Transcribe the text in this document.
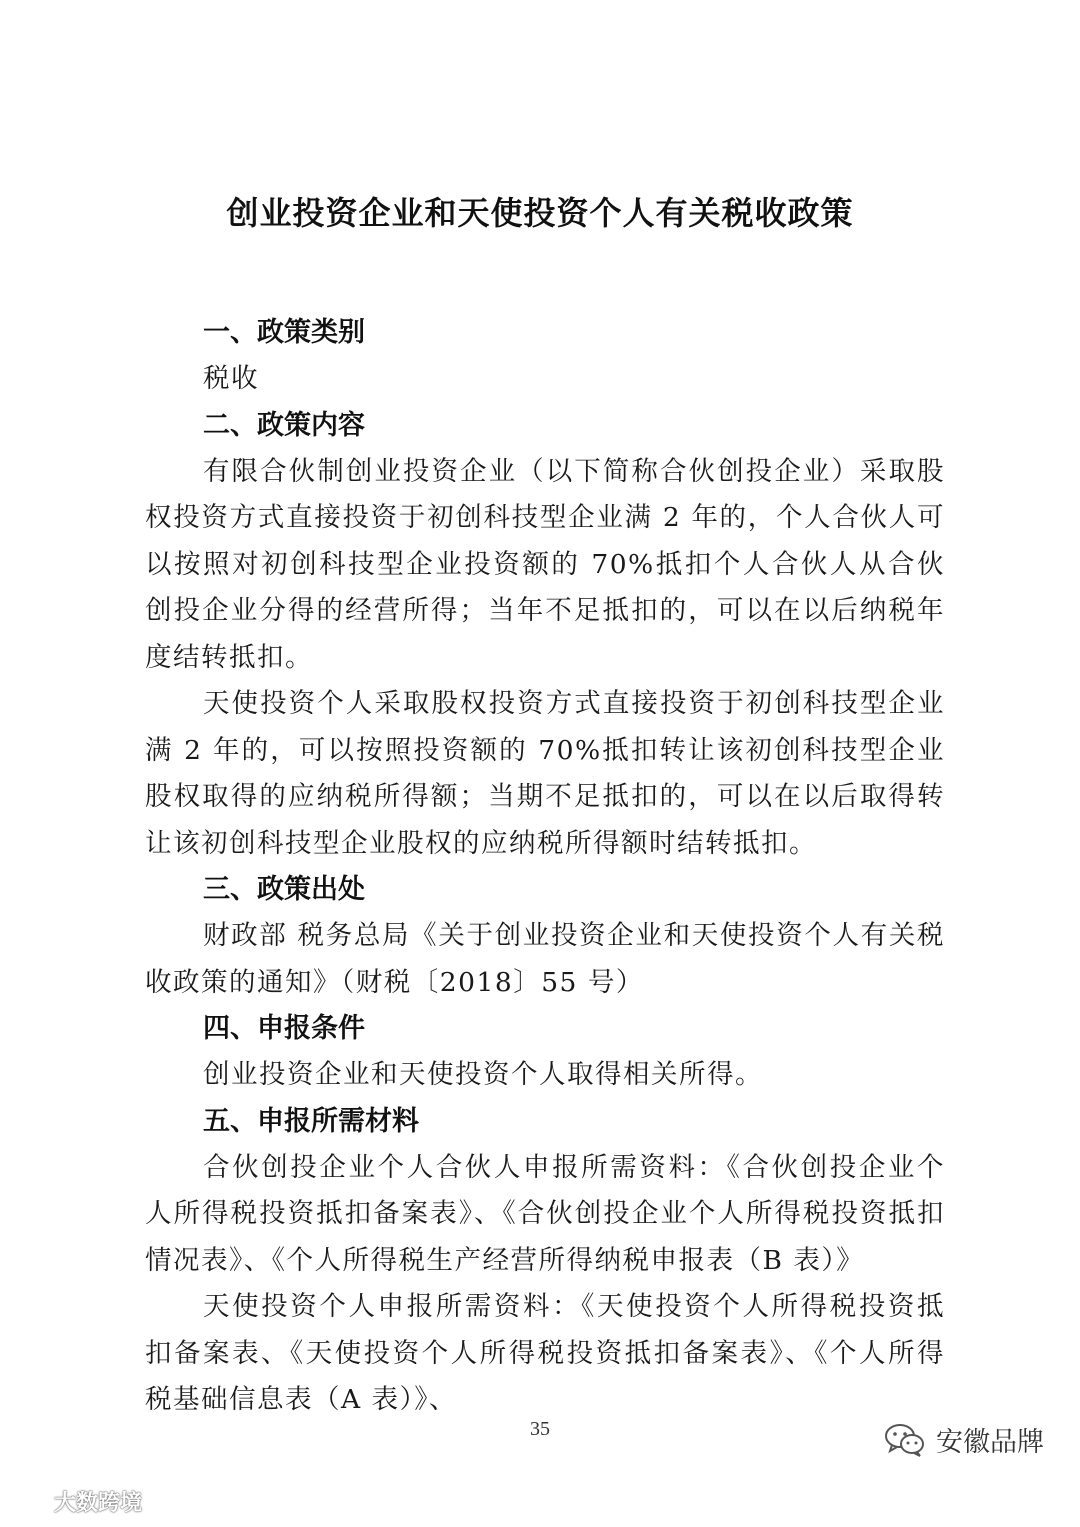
创业投资企业和天使投资个人有关税收政策

一、政策类别

税收

二、政策内容

有限合伙制创业投资企业（以下简称合伙创投企业）采取股权投资方式直接投资于初创科技型企业满 2 年的，个人合伙人可以按照对初创科技型企业投资额的 70%抵扣个人合伙人从合伙创投企业分得的经营所得；当年不足抵扣的，可以在以后纳税年度结转抵扣。

天使投资个人采取股权投资方式直接投资于初创科技型企业满 2 年的，可以按照投资额的 70%抵扣转让该初创科技型企业股权取得的应纳税所得额；当期不足抵扣的，可以在以后取得转让该初创科技型企业股权的应纳税所得额时结转抵扣。

三、政策出处

财政部 税务总局《关于创业投资企业和天使投资个人有关税收政策的通知》（财税〔2018〕55 号）

四、申报条件

创业投资企业和天使投资个人取得相关所得。

五、申报所需材料

合伙创投企业个人合伙人申报所需资料：《合伙创投企业个人所得税投资抵扣备案表》、《合伙创投企业个人所得税投资抵扣情况表》、《个人所得税生产经营所得纳税申报表（B 表）》

天使投资个人申报所需资料：《天使投资个人所得税投资抵扣备案表、《天使投资个人所得税投资抵扣备案表》、《个人所得税基础信息表（A 表）》、

35	安徽品牌
大数跨境
